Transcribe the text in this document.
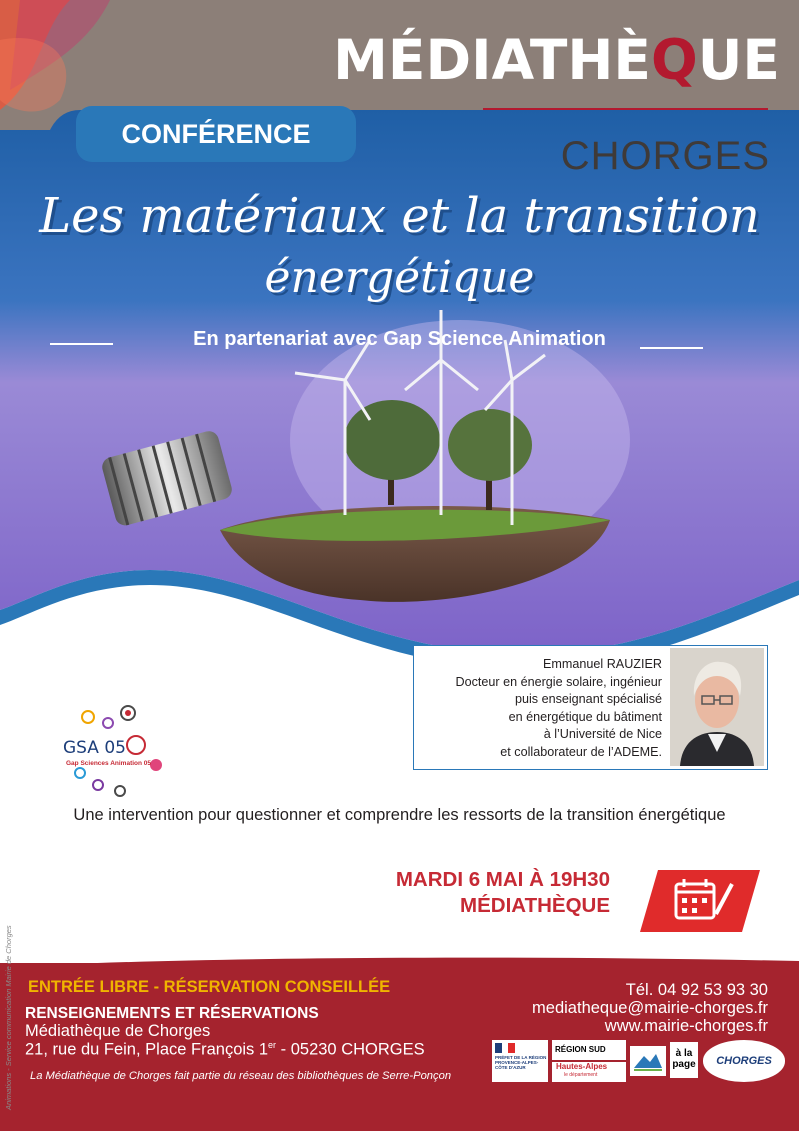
MÉDIATHÈQUE
CHORGES
CONFÉRENCE
Les matériaux et la transition
énergétique
En partenariat avec Gap Science Animation
Emmanuel RAUZIER
Docteur en énergie solaire, ingénieur
puis enseignant spécialisé
en énergétique du bâtiment
à l’Université de Nice
et collaborateur de l’ADEME.
GSA 05
Gap Sciences Animation 05
Une intervention pour questionner et comprendre les ressorts de la transition énergétique
MARDI 6 MAI À 19H30
MÉDIATHÈQUE
ENTRÉE LIBRE - RÉSERVATION CONSEILLÉE
RENSEIGNEMENTS ET RÉSERVATIONS
Médiathèque de Chorges
21, rue du Fein, Place François 1er - 05230 CHORGES
La Médiathèque de Chorges fait partie du réseau des bibliothèques de Serre-Ponçon
Tél. 04 92 53 93 30
mediatheque@mairie-chorges.fr
www.mairie-chorges.fr
PRÉFET DE LA RÉGION PROVENCE-ALPES-CÔTE D'AZUR
RÉGION SUD
Hautes-Alpes
le département
à la page	CHORGES
Animations - Service communication Mairie de Chorges
